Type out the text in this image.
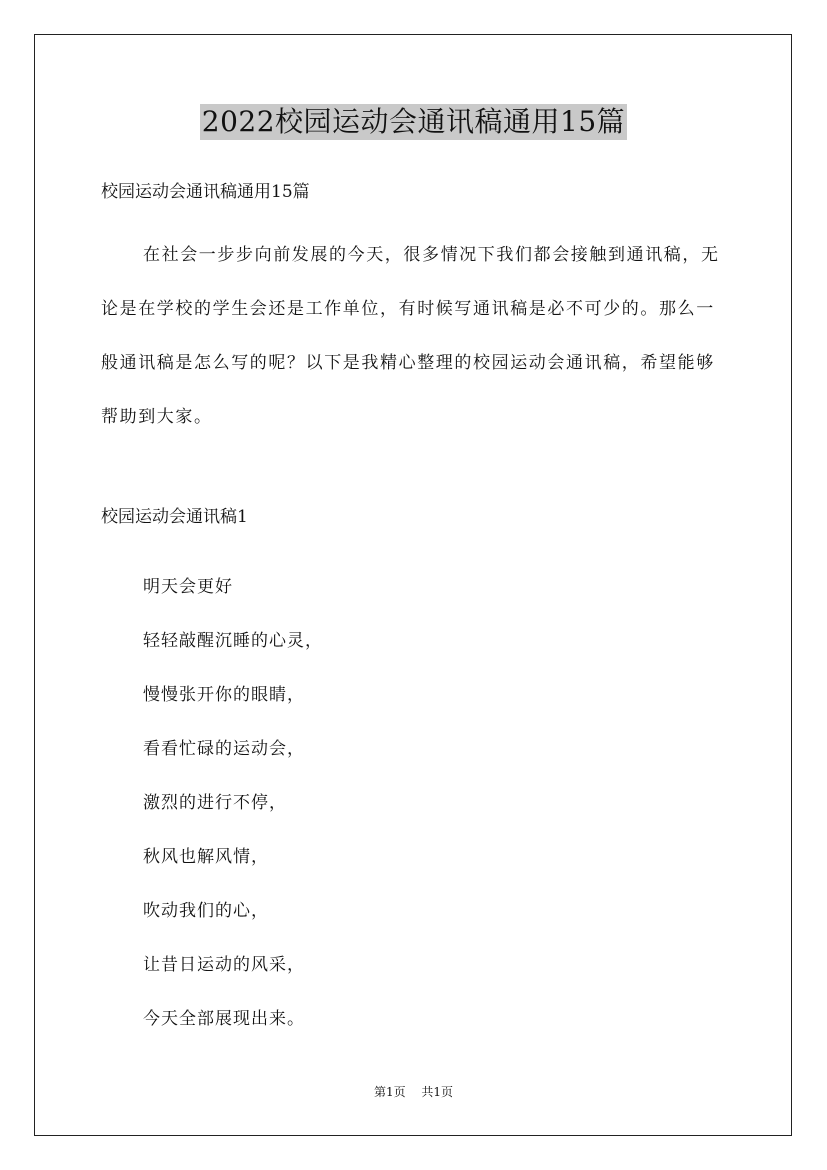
2022校园运动会通讯稿通用15篇
校园运动会通讯稿通用15篇

在社会一步步向前发展的今天，很多情况下我们都会接触到通讯稿，无论是在学校的学生会还是工作单位，有时候写通讯稿是必不可少的。那么一般通讯稿是怎么写的呢？以下是我精心整理的校园运动会通讯稿，希望能够帮助到大家。

校园运动会通讯稿1
明天会更好
轻轻敲醒沉睡的心灵，
慢慢张开你的眼睛，
看看忙碌的运动会，
激烈的进行不停，
秋风也解风情，
吹动我们的心，
让昔日运动的风采，
今天全部展现出来。
第1页 共1页
